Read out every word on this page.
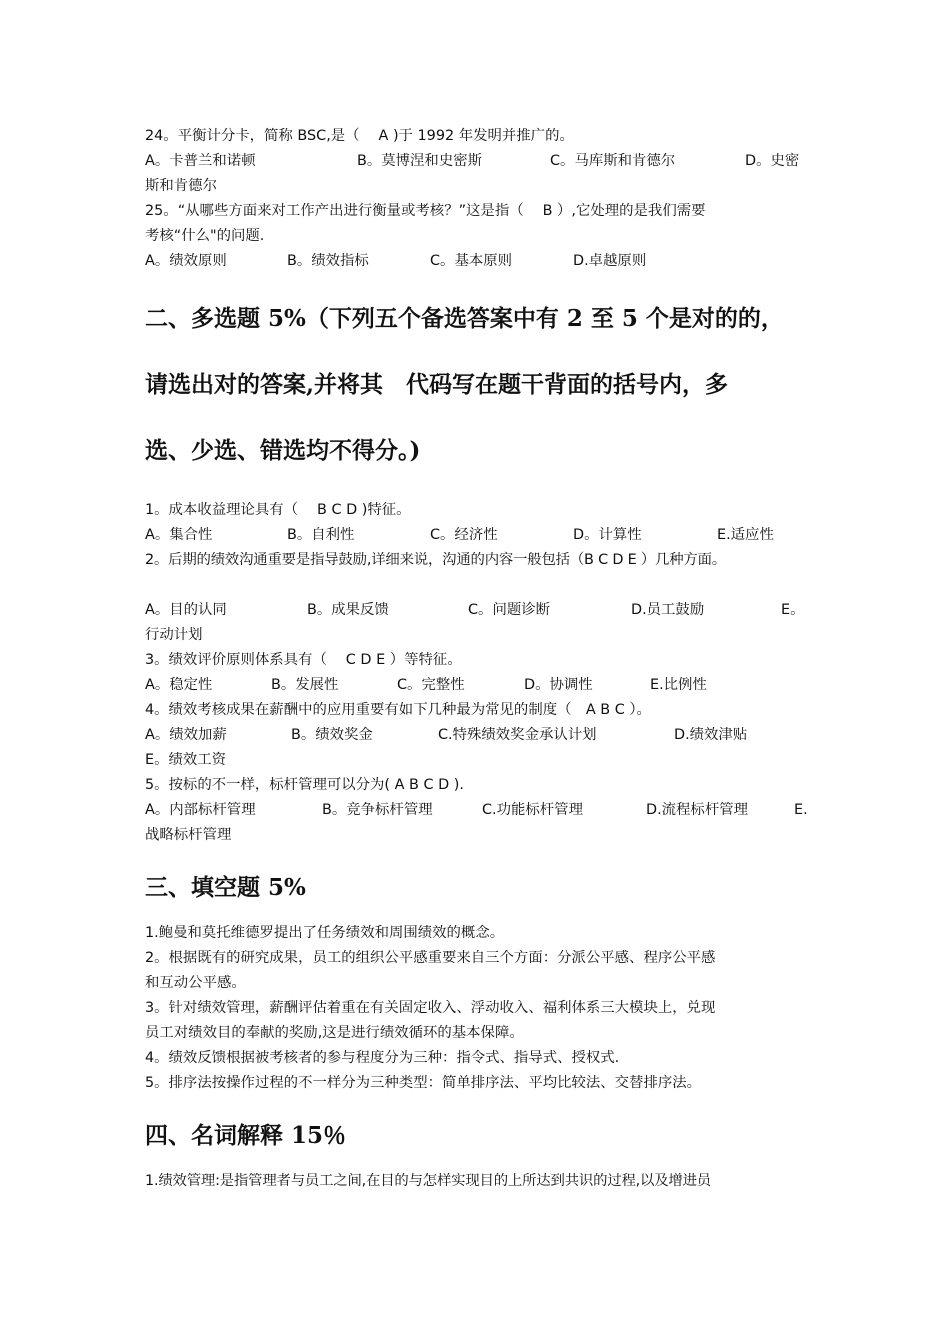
24。平衡计分卡，简称 BSC,是（　 A )于 1992 年发明并推广的。
A。卡普兰和诺顿	B。莫博涅和史密斯	C。马库斯和肯德尔	D。史密
斯和肯德尔
25。“从哪些方面来对工作产出进行衡量或考核？”这是指（　 B ）,它处理的是我们需要
考核“什么"的问题.
A。绩效原则	B。绩效指标	C。基本原则	D.卓越原则
二、多选题 5%（下列五个备选答案中有 2 至 5 个是对的的，
请选出对的答案,并将其　代码写在题干背面的括号内，多
选、少选、错选均不得分。)
1。成本收益理论具有（　 B C D )特征。
A。集合性	B。自利性	C。经济性	D。计算性	E.适应性
2。后期的绩效沟通重要是指导鼓励,详细来说，沟通的内容一般包括（B C D E ）几种方面。
A。目的认同	B。成果反馈	C。问题诊断	D.员工鼓励	E。
行动计划
3。绩效评价原则体系具有（　 C D E ）等特征。
A。稳定性	B。发展性	C。完整性	D。协调性	E.比例性
4。绩效考核成果在薪酬中的应用重要有如下几种最为常见的制度（　A B C ）。
A。绩效加薪	B。绩效奖金	C.特殊绩效奖金承认计划	D.绩效津贴
E。绩效工资
5。按标的不一样，标杆管理可以分为( A B C D ).
A。内部标杆管理	B。竞争标杆管理	C.功能标杆管理	D.流程标杆管理	E.
战略标杆管理
三、填空题 5%
1.鲍曼和莫托维德罗提出了任务绩效和周围绩效的概念。
2。根据既有的研究成果，员工的组织公平感重要来自三个方面：分派公平感、程序公平感
和互动公平感。
3。针对绩效管理，薪酬评估着重在有关固定收入、浮动收入、福利体系三大模块上，兑现
员工对绩效目的奉献的奖励,这是进行绩效循环的基本保障。
4。绩效反馈根据被考核者的参与程度分为三种：指令式、指导式、授权式.
5。排序法按操作过程的不一样分为三种类型：简单排序法、平均比较法、交替排序法。
四、名词解释 15％
1.绩效管理:是指管理者与员工之间,在目的与怎样实现目的上所达到共识的过程,以及增进员
